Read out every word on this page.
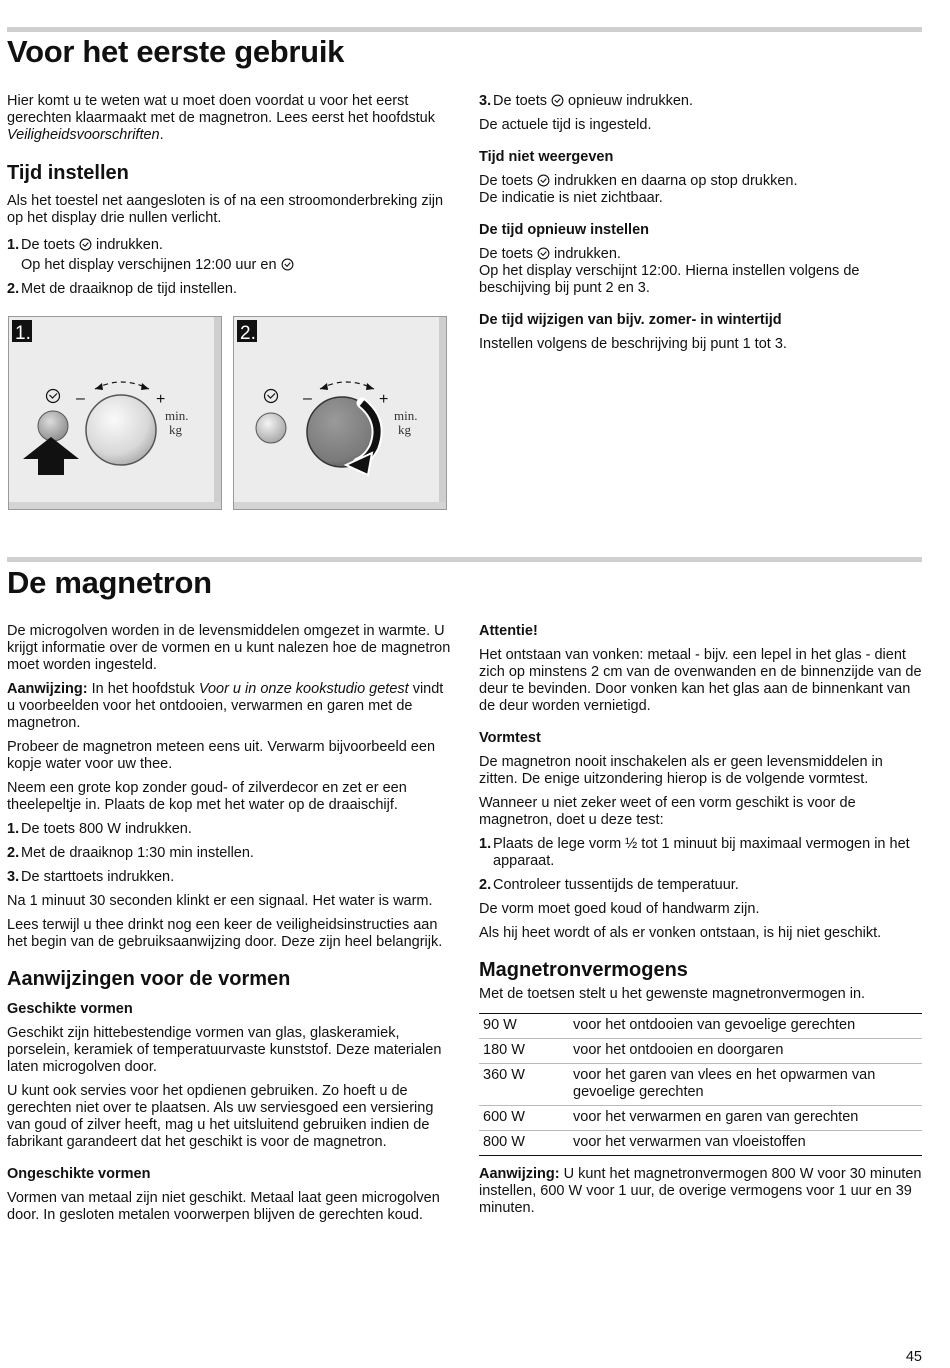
Voor het eerste gebruik

Hier komt u te weten wat u moet doen voordat u voor het eerst gerechten klaarmaakt met de magnetron. Lees eerst het hoofdstuk Veiligheidsvoorschriften.

Tijd instellen

Als het toestel net aangesloten is of na een stroomonderbreking zijn op het display drie nullen verlicht.

1. De toets  indrukken.

Op het display verschijnen 12:00 uur en

2. Met de draaiknop de tijd instellen.
1.
–	+
min.
kg
2.
–	+
min.
kg
3. De toets  opnieuw indrukken.

De actuele tijd is ingesteld.

Tijd niet weergeven

De toets  indrukken en daarna op stop drukken.

De indicatie is niet zichtbaar.

De tijd opnieuw instellen

De toets  indrukken.

Op het display verschijnt 12:00. Hierna instellen volgens de beschijving bij punt 2 en 3.

De tijd wijzigen van bijv. zomer- in wintertijd

Instellen volgens de beschrijving bij punt 1 tot 3.

De magnetron

De microgolven worden in de levensmiddelen omgezet in warmte. U krijgt informatie over de vormen en u kunt nalezen hoe de magnetron moet worden ingesteld.

Aanwijzing: In het hoofdstuk Voor u in onze kookstudio getest vindt u voorbeelden voor het ontdooien, verwarmen en garen met de magnetron.

Probeer de magnetron meteen eens uit. Verwarm bijvoorbeeld een kopje water voor uw thee.

Neem een grote kop zonder goud- of zilverdecor en zet er een theelepeltje in. Plaats de kop met het water op de draaischijf.

1. De toets 800 W indrukken.
2. Met de draaiknop 1:30 min instellen.
3. De starttoets indrukken.

Na 1 minuut 30 seconden klinkt er een signaal. Het water is warm.

Lees terwijl u thee drinkt nog een keer de veiligheidsinstructies aan het begin van de gebruiksaanwijzing door. Deze zijn heel belangrijk.

Aanwijzingen voor de vormen
Geschikte vormen

Geschikt zijn hittebestendige vormen van glas, glaskeramiek, porselein, keramiek of temperatuurvaste kunststof. Deze materialen laten microgolven door.

U kunt ook servies voor het opdienen gebruiken. Zo hoeft u de gerechten niet over te plaatsen. Als uw serviesgoed een versiering van goud of zilver heeft, mag u het uitsluitend gebruiken indien de fabrikant garandeert dat het geschikt is voor de magnetron.

Ongeschikte vormen

Vormen van metaal zijn niet geschikt. Metaal laat geen microgolven door. In gesloten metalen voorwerpen blijven de gerechten koud.

Attentie!

Het ontstaan van vonken: metaal - bijv. een lepel in het glas - dient zich op minstens 2 cm van de ovenwanden en de binnenzijde van de deur te bevinden. Door vonken kan het glas aan de binnenkant van de deur worden vernietigd.

Vormtest

De magnetron nooit inschakelen als er geen levensmiddelen in zitten. De enige uitzondering hierop is de volgende vormtest.

Wanneer u niet zeker weet of een vorm geschikt is voor de magnetron, doet u deze test:

1. Plaats de lege vorm ½ tot 1 minuut bij maximaal vermogen in het apparaat.
2. Controleer tussentijds de temperatuur.

De vorm moet goed koud of handwarm zijn.

Als hij heet wordt of als er vonken ontstaan, is hij niet geschikt.

Magnetronvermogens

Met de toetsen stelt u het gewenste magnetronvermogen in.

90 W	voor het ontdooien van gevoelige gerechten
180 W	voor het ontdooien en doorgaren
360 W	voor het garen van vlees en het opwarmen van gevoelige gerechten
600 W	voor het verwarmen en garen van gerechten
800 W	voor het verwarmen van vloeistoffen

Aanwijzing: U kunt het magnetronvermogen 800 W voor 30 minuten instellen, 600 W voor 1 uur, de overige vermogens voor 1 uur en 39 minuten.

45
